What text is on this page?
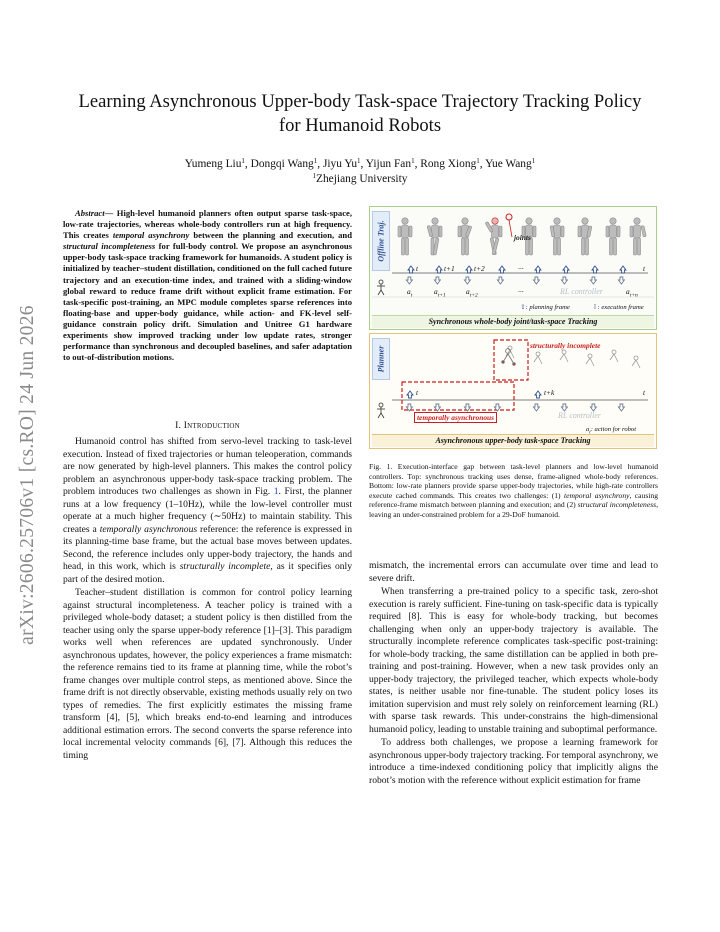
arXiv:2606.25706v1 [cs.RO] 24 Jun 2026
Learning Asynchronous Upper-body Task-space Trajectory Tracking Policy
for Humanoid Robots
Yumeng Liu$^1$, Dongqi Wang$^1$, Jiyu Yu$^1$, Yijun Fan$^1$, Rong Xiong$^1$, Yue Wang$^1$
$^1$Zhejiang University
Abstract— High-level humanoid planners often output sparse task-space, low-rate trajectories, whereas whole-body controllers run at high frequency. This creates temporal asynchrony between the planning and execution, and structural incompleteness for full-body control. We propose an asynchronous upper-body task-space tracking framework for humanoids. A student policy is initialized by teacher–student distillation, conditioned on the full cached future trajectory and an execution-time index, and trained with a sliding-window global reward to reduce frame drift without explicit frame estimation. For task-specific post-training, an MPC module completes sparse references into floating-base and upper-body guidance, while action- and FK-level self-guidance constrain policy drift. Simulation and Unitree G1 hardware experiments show improved tracking under low update rates, stronger performance than synchronous and decoupled baselines, and safer adaptation to out-of-distribution motions.
I. Introduction

Humanoid control has shifted from servo-level tracking to task-level execution. Instead of fixed trajectories or human teleoperation, commands are now generated by high-level planners. This makes the control policy problem an asynchronous upper-body task-space tracking problem. The problem introduces two challenges as shown in Fig. 1. First, the planner runs at a low frequency (1–10Hz), while the low-level controller must operate at a much higher frequency (∼50Hz) to maintain stability. This creates a temporally asynchronous reference: the reference is expressed in its planning-time base frame, but the actual base moves between updates. Second, the reference includes only upper-body trajectory, the hands and head, in this work, which is structurally incomplete, as it specifies only part of the desired motion.

Teacher–student distillation is common for control policy learning against structural incompleteness. A teacher policy is trained with a privileged whole-body dataset; a student policy is then distilled from the teacher using only the sparse upper-body reference [1]–[3]. This paradigm works well when references are updated synchronously. Under asynchronous updates, however, the policy experiences a frame mismatch: the reference remains tied to its frame at planning time, while the robot’s frame changes over multiple control steps, as mentioned above. Since the frame drift is not directly observable, existing methods usually rely on two types of remedies. The first explicitly estimates the missing frame transform [4], [5], which breaks end-to-end learning and introduces additional estimation errors. The second converts the sparse reference into local incremental velocity commands [6], [7]. Although this reduces the timing

Offline Traj.	joints
t	t+1	t+2	···	t
$a_t$	$a_{t+1}$	$a_{t+2}$	···	RL controller	$a_{t+n}$
⇧: planning frame	⇩: execution frame
Synchronous whole-body joint/task-space Tracking
Planner
structurally incomplete
t	t+k	t
temporally asynchronous	RL controller
$a_t$: action for robot
Asynchronous upper-body task-space Tracking
Fig. 1. Execution-interface gap between task-level planners and low-level humanoid controllers. Top: synchronous tracking uses dense, frame-aligned whole-body references. Bottom: low-rate planners provide sparse upper-body trajectories, while high-rate controllers execute cached commands. This creates two challenges: (1) temporal asynchrony, causing reference-frame mismatch between planning and execution; and (2) structural incompleteness, leaving an under-constrained problem for a 29-DoF humanoid.

mismatch, the incremental errors can accumulate over time and lead to severe drift.

When transferring a pre-trained policy to a specific task, zero-shot execution is rarely sufficient. Fine-tuning on task-specific data is typically required [8]. This is easy for whole-body tracking, but becomes challenging when only an upper-body trajectory is available. The structurally incomplete reference complicates task-specific post-training: for whole-body tracking, the same distillation can be applied in both pre-training and post-training. However, when a new task provides only an upper-body trajectory, the privileged teacher, which expects whole-body states, is neither usable nor fine-tunable. The student policy loses its imitation supervision and must rely solely on reinforcement learning (RL) with sparse task rewards. This under-constrains the high-dimensional humanoid policy, leading to unstable training and suboptimal performance.

To address both challenges, we propose a learning framework for asynchronous upper-body trajectory tracking. For temporal asynchrony, we introduce a time-indexed conditioning policy that implicitly aligns the robot’s motion with the reference without explicit estimation for frame
